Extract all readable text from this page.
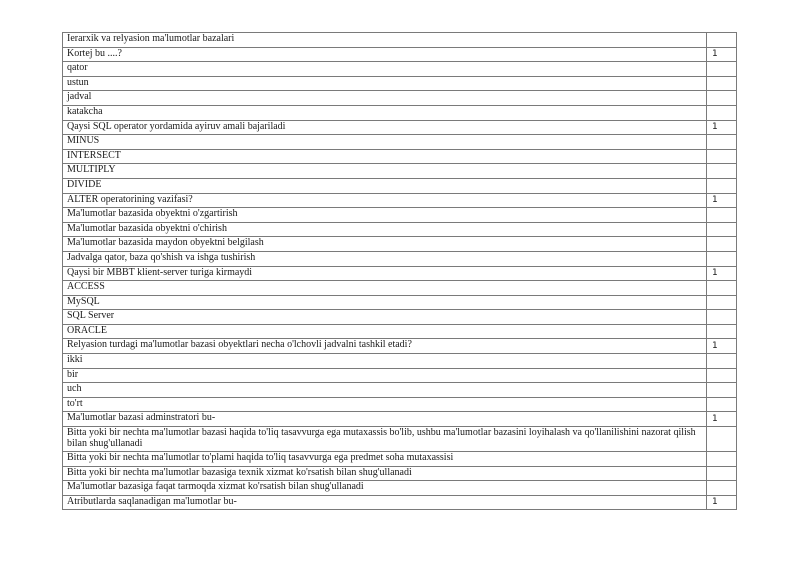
Ierarxik va relyasion ma'lumotlar bazalari	
Kortej bu ....?	1
qator	
ustun	
jadval	
katakcha	
Qaysi SQL operator yordamida ayiruv amali bajariladi	1
MINUS	
INTERSECT	
MULTIPLY	
DIVIDE	
ALTER operatorining vazifasi?	1
Ma'lumotlar bazasida obyektni o'zgartirish	
Ma'lumotlar bazasida obyektni o'chirish	
Ma'lumotlar bazasida maydon obyektni belgilash	
Jadvalga qator, baza qo'shish va ishga tushirish	
Qaysi bir MBBT klient-server turiga kirmaydi	1
ACCESS	
MySQL	
SQL Server	
ORACLE	
Relyasion turdagi ma'lumotlar bazasi obyektlari necha o'lchovli jadvalni tashkil etadi?	1
ikki	
bir	
uch	
to'rt	
Ma'lumotlar bazasi adminstratori bu-	1
Bitta yoki bir nechta ma'lumotlar bazasi haqida to'liq tasavvurga ega mutaxassis bo'lib, ushbu ma'lumotlar bazasini loyihalash va qo'llanilishini nazorat qilish bilan shug'ullanadi	
Bitta yoki bir nechta ma'lumotlar to'plami haqida to'liq tasavvurga ega predmet soha mutaxassisi	
Bitta yoki bir nechta ma'lumotlar bazasiga texnik xizmat ko'rsatish bilan shug'ullanadi	
Ma'lumotlar bazasiga faqat tarmoqda xizmat ko'rsatish bilan shug'ullanadi	
Atributlarda saqlanadigan ma'lumotlar bu-	1
